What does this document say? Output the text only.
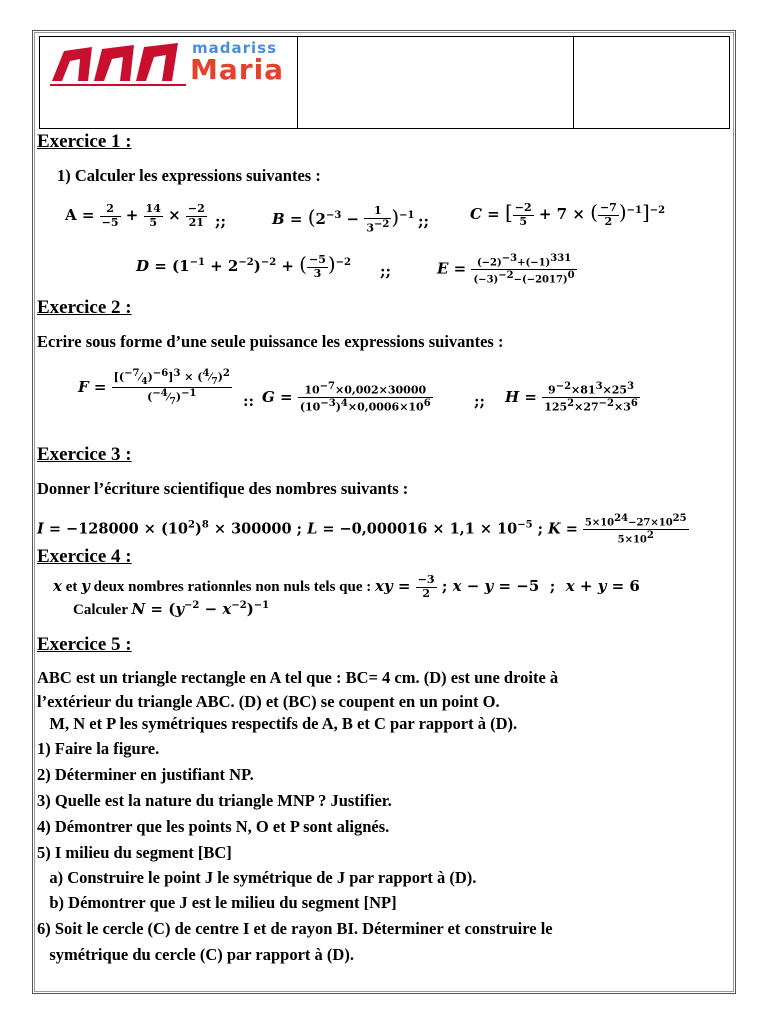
madariss
Maria
Exercice 1 :
1) Calculer les expressions suivantes :
$A = \frac{2}{-5} + \frac{14}{5} \times \frac{-2}{21}$ ;;	$B = (2^{-3} - \frac{1}{3^{-2}} )^{-1}$ ;;	C = [ $\frac{-2}{5} + 7$ × ( $\frac{-7}{2} )^{-1}]^{-2}$
$D = (1^{-1} + 2^{-2})^{-2}$ + ( $\frac{-5}{3} )^{-2}$ ;;	$E = \frac{(-2)^{-3}+(-1)^{331}}{(-3)^{-2}-(-2017)^0}$
Exercice 2 :
Ecrire sous forme d’une seule puissance les expressions suivantes :
$F = \frac{[(^{-7}⁄_4)^{-6}]^3 \times (^4⁄_7)^2}{(^{-4}⁄_7)^{-1}}$ :: $G = \frac{10^{-7}\times 0,002\times 30000}{(10^{-3})^4\times 0,0006\times 10^6}$	;; $H = \frac{9^{-2}\times 81^3\times 25^3}{125^2\times 27^{-2}\times 3^6}$
Exercice 3 :
Donner l’écriture scientifique des nombres suivants :
$I = -128000 \times (10^2)^8 \times 300000$ ; $L = -0,000016 \times 1,1 \times 10^{-5}$ ; $K = \frac{5\times 10^{24}-27\times 10^{25}}{5\times 10^2}$
Exercice 4 :
x et y deux nombres rationnles non nuls tels que : xy = $\frac{-3}{2}$ ; x − y = −5  ;  x + y = 6
Calculer $N = (y^{-2} - x^{-2})^{-1}$
Exercice 5 :
ABC est un triangle rectangle en A tel que : BC= 4 cm. (D) est une droite à
l’extérieur du triangle ABC. (D) et (BC) se coupent en un point O.
M, N et P les symétriques respectifs de A, B et C par rapport à (D).
1) Faire la figure.
2) Déterminer en justifiant NP.
3) Quelle est la nature du triangle MNP ? Justifier.
4) Démontrer que les points N, O et P sont alignés.
5) I milieu du segment [BC]
a) Construire le point J le symétrique de J par rapport à (D).
b) Démontrer que J est le milieu du segment [NP]
6) Soit le cercle (C) de centre I et de rayon BI. Déterminer et construire le
symétrique du cercle (C) par rapport à (D).
